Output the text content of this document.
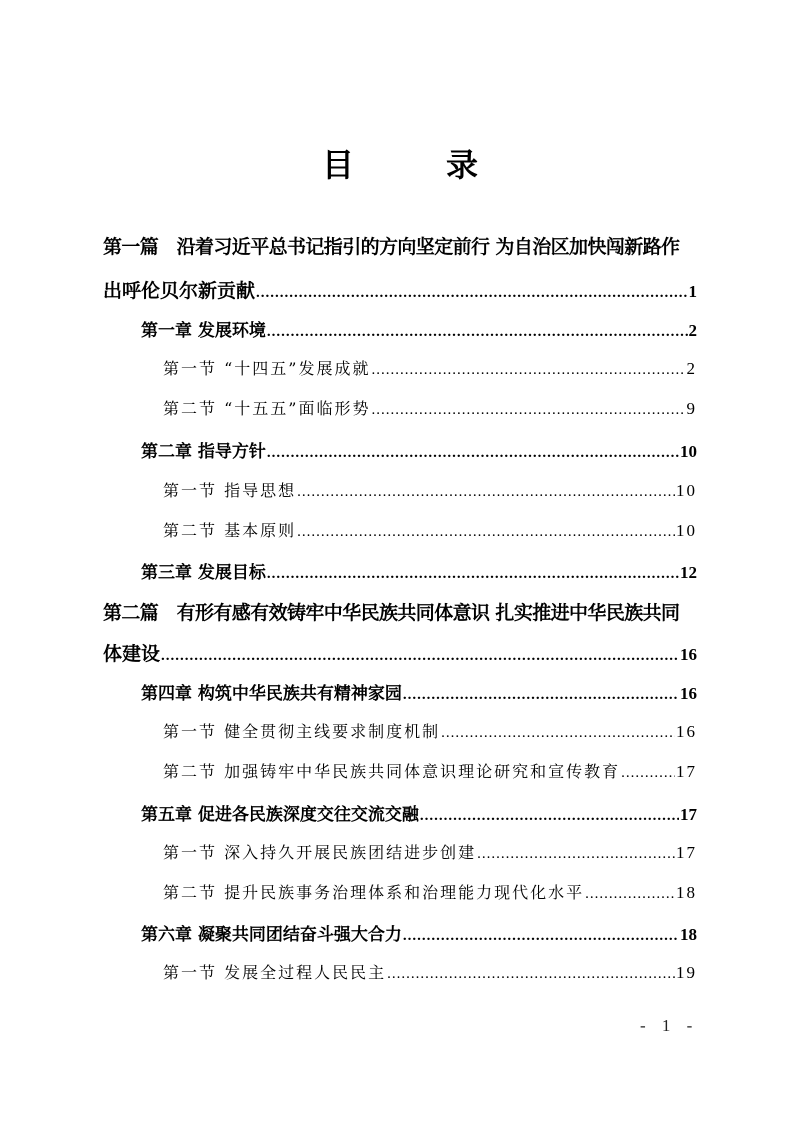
目　录
第一篇　沿着习近平总书记指引的方向坚定前行 为自治区加快闯新路作
出呼伦贝尔新贡献 .....	1
第一章 发展环境 .....	2
第一节 “十四五”发展成就 .....	2
第二节 “十五五”面临形势 .....	9
第二章 指导方针 .....	10
第一节 指导思想 .....	10
第二节 基本原则 .....	10
第三章 发展目标 .....	12
第二篇　有形有感有效铸牢中华民族共同体意识 扎实推进中华民族共同
体建设 .....	16
第四章 构筑中华民族共有精神家园 .....	16
第一节 健全贯彻主线要求制度机制 .....	16
第二节 加强铸牢中华民族共同体意识理论研究和宣传教育 .....	17
第五章 促进各民族深度交往交流交融 .....	17
第一节 深入持久开展民族团结进步创建 .....	17
第二节 提升民族事务治理体系和治理能力现代化水平 .....	18
第六章 凝聚共同团结奋斗强大合力 .....	18
第一节 发展全过程人民民主 .....	19
- 1 -
